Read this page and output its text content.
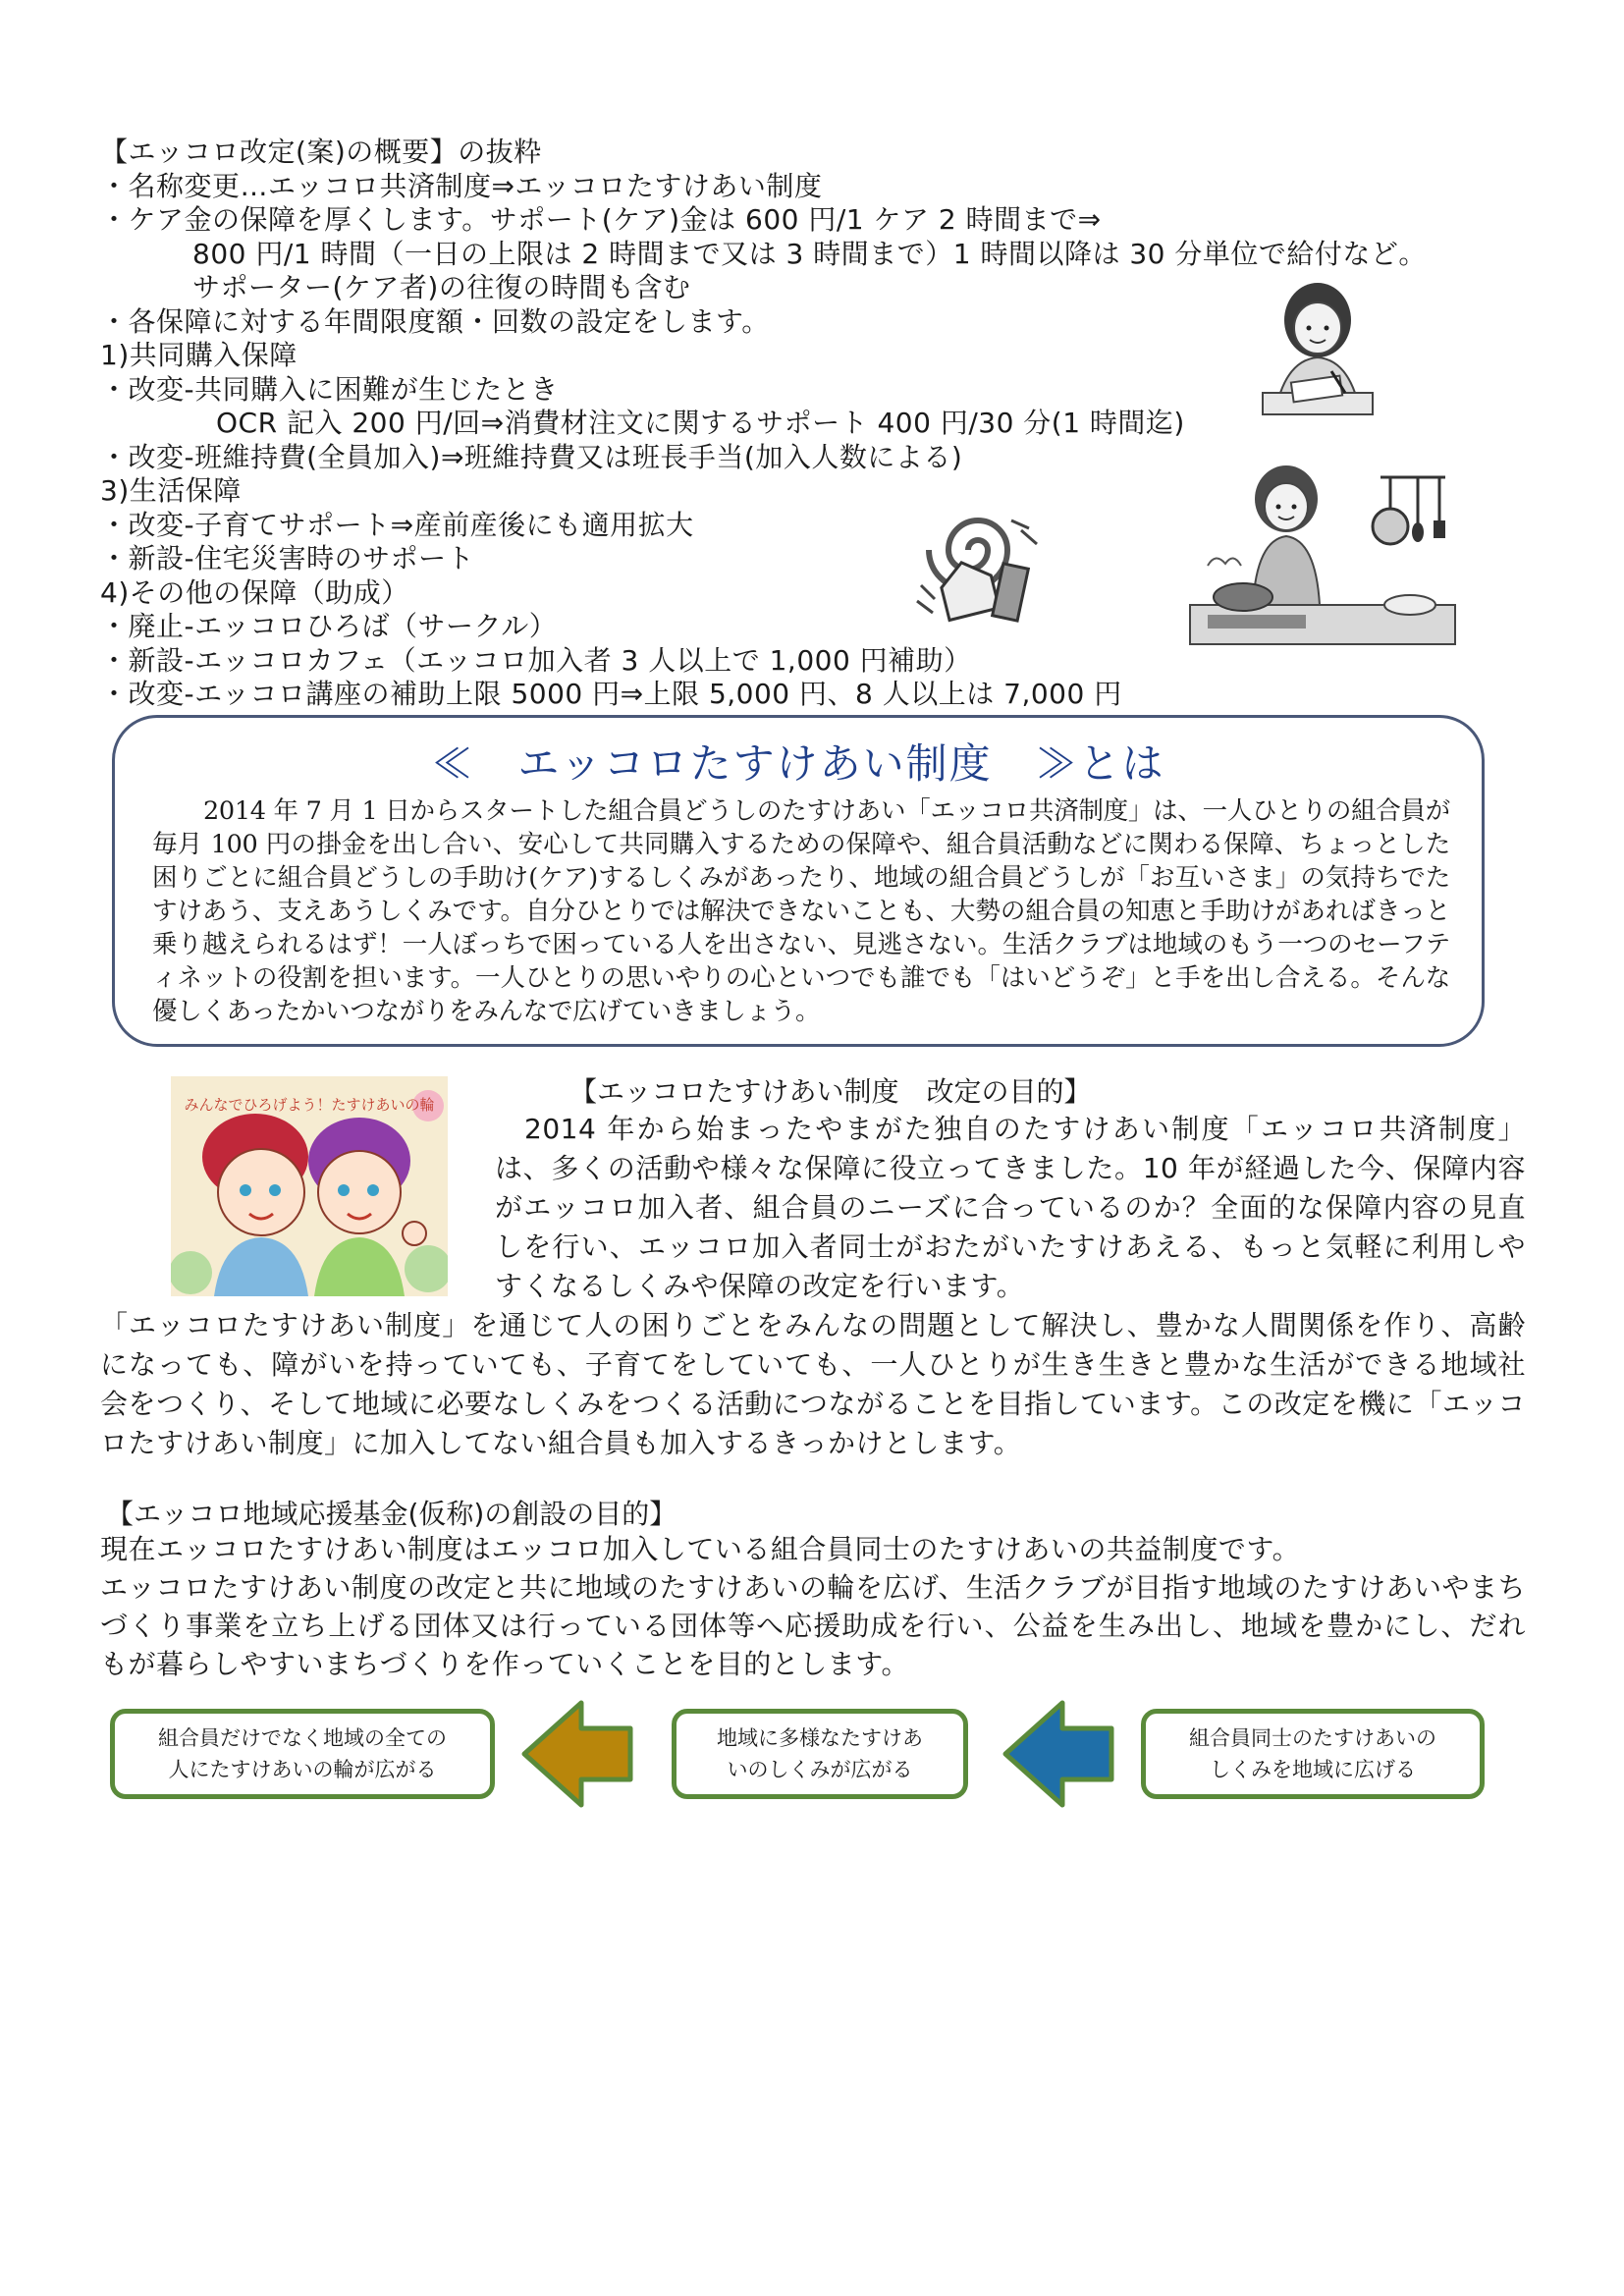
【エッコロ改定(案)の概要】の抜粋
・名称変更…エッコロ共済制度⇒エッコロたすけあい制度
・ケア金の保障を厚くします。サポート(ケア)金は 600 円/1 ケア 2 時間まで⇒
800 円/1 時間（一日の上限は 2 時間まで又は 3 時間まで）1 時間以降は 30 分単位で給付など。
サポーター(ケア者)の往復の時間も含む
・各保障に対する年間限度額・回数の設定をします。
1)共同購入保障
・改変-共同購入に困難が生じたとき
OCR 記入 200 円/回⇒消費材注文に関するサポート 400 円/30 分(1 時間迄)
・改変-班維持費(全員加入)⇒班維持費又は班長手当(加入人数による)
3)生活保障
・改変-子育てサポート⇒産前産後にも適用拡大
・新設-住宅災害時のサポート
4)その他の保障（助成）
・廃止-エッコロひろば（サークル）
・新設-エッコロカフェ（エッコロ加入者 3 人以上で 1,000 円補助）
・改変-エッコロ講座の補助上限 5000 円⇒上限 5,000 円、8 人以上は 7,000 円
≪　エッコロたすけあい制度　≫とは
2014 年 7 月 1 日からスタートした組合員どうしのたすけあい「エッコロ共済制度」は、一人ひとりの組合員が毎月 100 円の掛金を出し合い、安心して共同購入するための保障や、組合員活動などに関わる保障、ちょっとした困りごとに組合員どうしの手助け(ケア)するしくみがあったり、地域の組合員どうしが「お互いさま」の気持ちでたすけあう、支えあうしくみです。自分ひとりでは解決できないことも、大勢の組合員の知恵と手助けがあればきっと乗り越えられるはず！一人ぼっちで困っている人を出さない、見逃さない。生活クラブは地域のもう一つのセーフティネットの役割を担います。一人ひとりの思いやりの心といつでも誰でも「はいどうぞ」と手を出し合える。そんな優しくあったかいつながりをみんなで広げていきましょう。
みんなでひろげよう！たすけあいの輪	【エッコロたすけあい制度　改定の目的】
2014 年から始まったやまがた独自のたすけあい制度「エッコロ共済制度」は、多くの活動や様々な保障に役立ってきました。10 年が経過した今、保障内容がエッコロ加入者、組合員のニーズに合っているのか？全面的な保障内容の見直しを行い、エッコロ加入者同士がおたがいたすけあえる、もっと気軽に利用しやすくなるしくみや保障の改定を行います。
「エッコロたすけあい制度」を通じて人の困りごとをみんなの問題として解決し、豊かな人間関係を作り、高齢になっても、障がいを持っていても、子育てをしていても、一人ひとりが生き生きと豊かな生活ができる地域社会をつくり、そして地域に必要なしくみをつくる活動につながることを目指しています。この改定を機に「エッコロたすけあい制度」に加入してない組合員も加入するきっかけとします。
【エッコロ地域応援基金(仮称)の創設の目的】
現在エッコロたすけあい制度はエッコロ加入している組合員同士のたすけあいの共益制度です。
エッコロたすけあい制度の改定と共に地域のたすけあいの輪を広げ、生活クラブが目指す地域のたすけあいやまちづくり事業を立ち上げる団体又は行っている団体等へ応援助成を行い、公益を生み出し、地域を豊かにし、だれもが暮らしやすいまちづくりを作っていくことを目的とします。
組合員だけでなく地域の全ての
人にたすけあいの輪が広がる
地域に多様なたすけあ
いのしくみが広がる
組合員同士のたすけあいの
しくみを地域に広げる
